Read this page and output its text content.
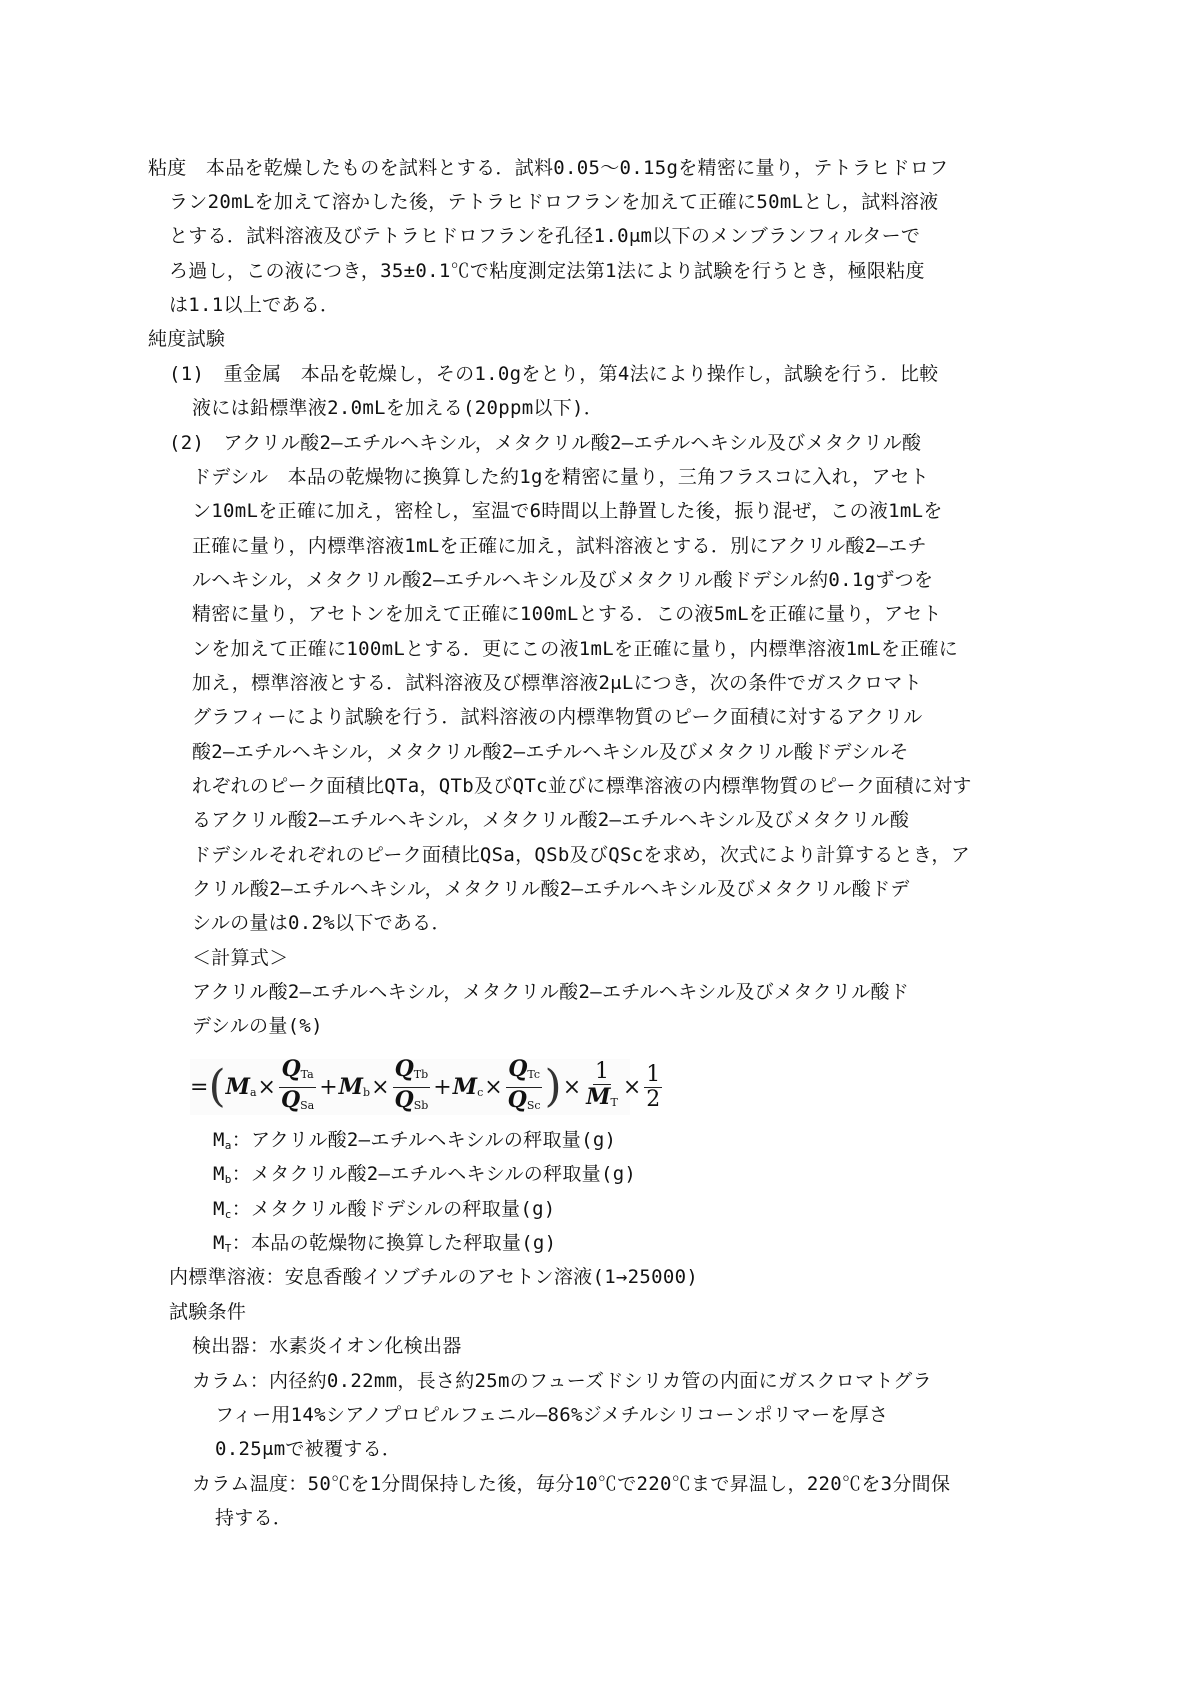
粘度　本品を乾燥したものを試料とする．試料0.05～0.15gを精密に量り，テトラヒドロフ
ラン20mLを加えて溶かした後，テトラヒドロフランを加えて正確に50mLとし，試料溶液
とする．試料溶液及びテトラヒドロフランを孔径1.0μm以下のメンブランフィルターで
ろ過し，この液につき，35±0.1℃で粘度測定法第1法により試験を行うとき，極限粘度
は1.1以上である．
純度試験
(1)　重金属　本品を乾燥し，その1.0gをとり，第4法により操作し，試験を行う．比較
液には鉛標準液2.0mLを加える(20ppm以下)．
(2)　アクリル酸2―エチルヘキシル，メタクリル酸2―エチルヘキシル及びメタクリル酸
ドデシル　本品の乾燥物に換算した約1gを精密に量り，三角フラスコに入れ，アセト
ン10mLを正確に加え，密栓し，室温で6時間以上静置した後，振り混ぜ，この液1mLを
正確に量り，内標準溶液1mLを正確に加え，試料溶液とする．別にアクリル酸2―エチ
ルヘキシル，メタクリル酸2―エチルヘキシル及びメタクリル酸ドデシル約0.1gずつを
精密に量り，アセトンを加えて正確に100mLとする．この液5mLを正確に量り，アセト
ンを加えて正確に100mLとする．更にこの液1mLを正確に量り，内標準溶液1mLを正確に
加え，標準溶液とする．試料溶液及び標準溶液2μLにつき，次の条件でガスクロマト
グラフィーにより試験を行う．試料溶液の内標準物質のピーク面積に対するアクリル
酸2―エチルヘキシル，メタクリル酸2―エチルヘキシル及びメタクリル酸ドデシルそ
れぞれのピーク面積比QTa，QTb及びQTc並びに標準溶液の内標準物質のピーク面積に対す
るアクリル酸2―エチルヘキシル，メタクリル酸2―エチルヘキシル及びメタクリル酸
ドデシルそれぞれのピーク面積比QSa，QSb及びQScを求め，次式により計算するとき，ア
クリル酸2―エチルヘキシル，メタクリル酸2―エチルヘキシル及びメタクリル酸ドデ
シルの量は0.2%以下である．
＜計算式＞
アクリル酸2―エチルヘキシル，メタクリル酸2―エチルヘキシル及びメタクリル酸ド
デシルの量(%)
= ( $Ma \times \frac{\text{QTa}}{\text{QSa}} + Mb \times \frac{\text{QTb}}{\text{QSb}} + Mc \times \frac{\text{QTc}}{\text{QSc}}$ ) × $\frac{1}{MT} \times \frac{1}{2}$
Ma：アクリル酸2―エチルヘキシルの秤取量(g)
Mb：メタクリル酸2―エチルヘキシルの秤取量(g)
Mc：メタクリル酸ドデシルの秤取量(g)
MT：本品の乾燥物に換算した秤取量(g)
内標準溶液：安息香酸イソブチルのアセトン溶液(1→25000)
試験条件
検出器：水素炎イオン化検出器
カラム：内径約0.22mm，長さ約25mのフューズドシリカ管の内面にガスクロマトグラ
フィー用14%シアノプロピルフェニル―86%ジメチルシリコーンポリマーを厚さ
0.25μmで被覆する．
カラム温度：50℃を1分間保持した後，毎分10℃で220℃まで昇温し，220℃を3分間保
持する．
